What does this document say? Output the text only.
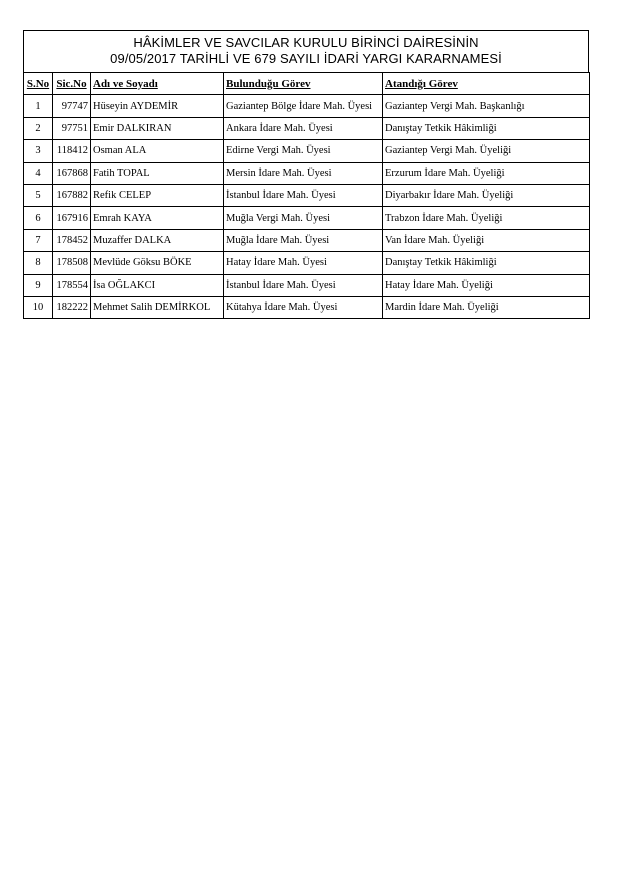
HÂKİMLER VE SAVCILAR KURULU BİRİNCİ DAİRESİNİN
09/05/2017 TARİHLİ VE 679 SAYILI İDARİ YARGI KARARNAMESİ
S.No	Sic.No	Adı ve Soyadı	Bulunduğu Görev	Atandığı Görev
1	97747	Hüseyin AYDEMİR	Gaziantep Bölge İdare Mah. Üyesi	Gaziantep Vergi Mah. Başkanlığı
2	97751	Emir DALKIRAN	Ankara İdare Mah. Üyesi	Danıştay Tetkik Hâkimliği
3	118412	Osman ALA	Edirne Vergi Mah. Üyesi	Gaziantep Vergi Mah. Üyeliği
4	167868	Fatih TOPAL	Mersin İdare Mah. Üyesi	Erzurum İdare Mah. Üyeliği
5	167882	Refik CELEP	İstanbul İdare Mah. Üyesi	Diyarbakır İdare Mah. Üyeliği
6	167916	Emrah KAYA	Muğla Vergi Mah. Üyesi	Trabzon İdare Mah. Üyeliği
7	178452	Muzaffer DALKA	Muğla İdare Mah. Üyesi	Van İdare Mah. Üyeliği
8	178508	Mevlüde Göksu BÖKE	Hatay İdare Mah. Üyesi	Danıştay Tetkik Hâkimliği
9	178554	İsa OĞLAKCI	İstanbul İdare Mah. Üyesi	Hatay İdare Mah. Üyeliği
10	182222	Mehmet Salih DEMİRKOL	Kütahya İdare Mah. Üyesi	Mardin İdare Mah. Üyeliği
